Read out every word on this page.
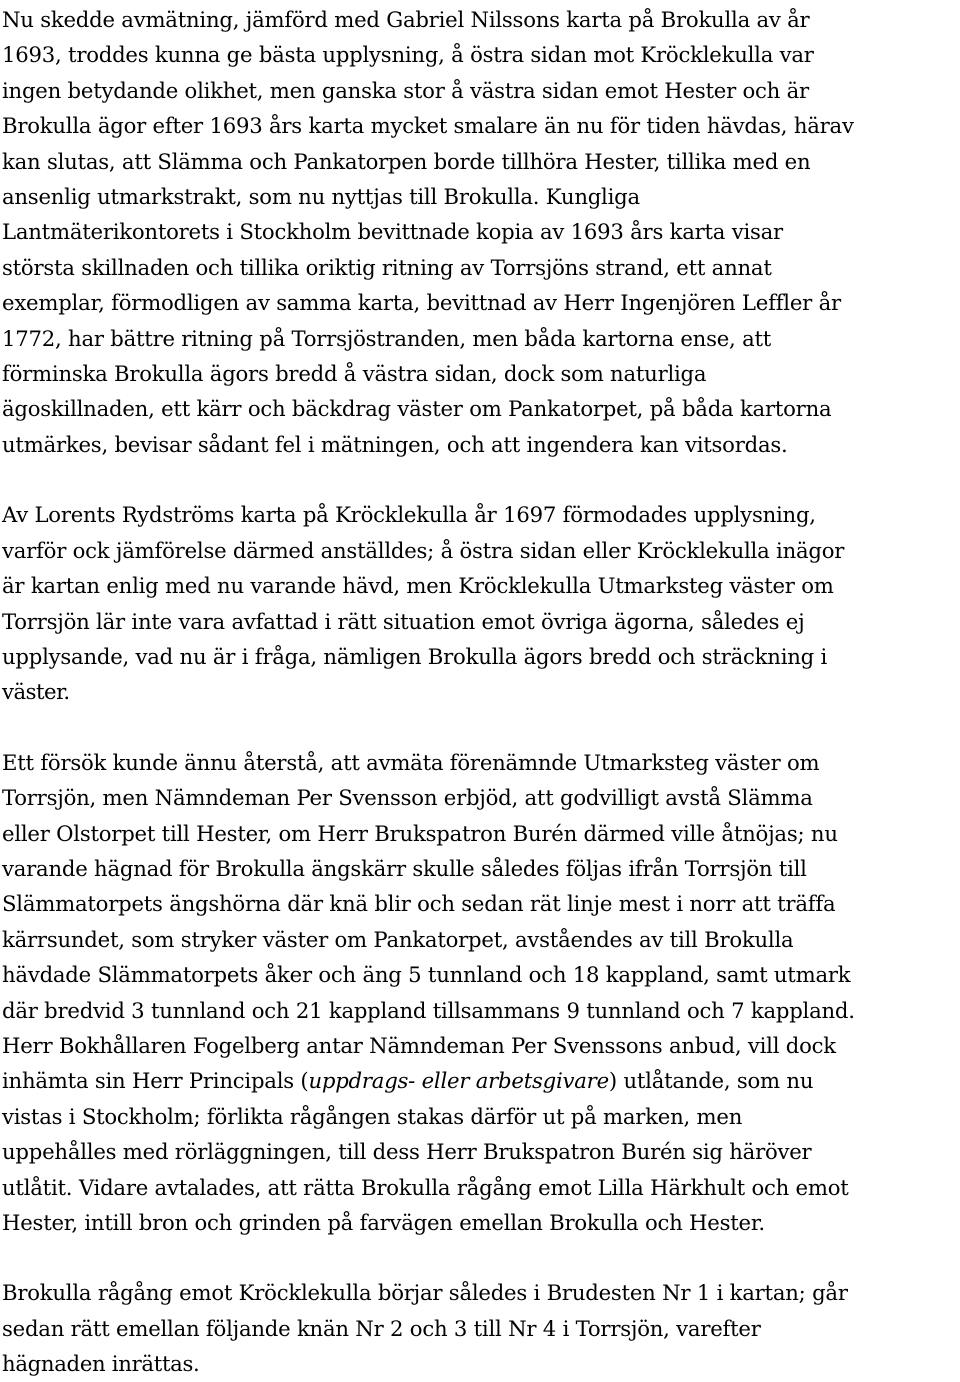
Nu skedde avmätning, jämförd med Gabriel Nilssons karta på Brokulla av år
1693, troddes kunna ge bästa upplysning, å östra sidan mot Kröcklekulla var
ingen betydande olikhet, men ganska stor å västra sidan emot Hester och är
Brokulla ägor efter 1693 års karta mycket smalare än nu för tiden hävdas, härav
kan slutas, att Slämma och Pankatorpen borde tillhöra Hester, tillika med en
ansenlig utmarkstrakt, som nu nyttjas till Brokulla. Kungliga
Lantmäterikontorets i Stockholm bevittnade kopia av 1693 års karta visar
största skillnaden och tillika oriktig ritning av Torrsjöns strand, ett annat
exemplar, förmodligen av samma karta, bevittnad av Herr Ingenjören Leffler år
1772, har bättre ritning på Torrsjöstranden, men båda kartorna ense, att
förminska Brokulla ägors bredd å västra sidan, dock som naturliga
ägoskillnaden, ett kärr och bäckdrag väster om Pankatorpet, på båda kartorna
utmärkes, bevisar sådant fel i mätningen, och att ingendera kan vitsordas.

Av Lorents Rydströms karta på Kröcklekulla år 1697 förmodades upplysning,
varför ock jämförelse därmed anställdes; å östra sidan eller Kröcklekulla inägor
är kartan enlig med nu varande hävd, men Kröcklekulla Utmarksteg väster om
Torrsjön lär inte vara avfattad i rätt situation emot övriga ägorna, således ej
upplysande, vad nu är i fråga, nämligen Brokulla ägors bredd och sträckning i
väster.

Ett försök kunde ännu återstå, att avmäta förenämnde Utmarksteg väster om
Torrsjön, men Nämndeman Per Svensson erbjöd, att godvilligt avstå Slämma
eller Olstorpet till Hester, om Herr Brukspatron Burén därmed ville åtnöjas; nu
varande hägnad för Brokulla ängskärr skulle således följas ifrån Torrsjön till
Slämmatorpets ängshörna där knä blir och sedan rät linje mest i norr att träffa
kärrsundet, som stryker väster om Pankatorpet, avståendes av till Brokulla
hävdade Slämmatorpets åker och äng 5 tunnland och 18 kappland, samt utmark
där bredvid 3 tunnland och 21 kappland tillsammans 9 tunnland och 7 kappland.
Herr Bokhållaren Fogelberg antar Nämndeman Per Svenssons anbud, vill dock
inhämta sin Herr Principals (uppdrags- eller arbetsgivare) utlåtande, som nu
vistas i Stockholm; förlikta rågången stakas därför ut på marken, men
uppehålles med rörläggningen, till dess Herr Brukspatron Burén sig häröver
utlåtit. Vidare avtalades, att rätta Brokulla rågång emot Lilla Härkhult och emot
Hester, intill bron och grinden på farvägen emellan Brokulla och Hester.

Brokulla rågång emot Kröcklekulla börjar således i Brudesten Nr 1 i kartan; går
sedan rätt emellan följande knän Nr 2 och 3 till Nr 4 i Torrsjön, varefter
hägnaden inrättas.
